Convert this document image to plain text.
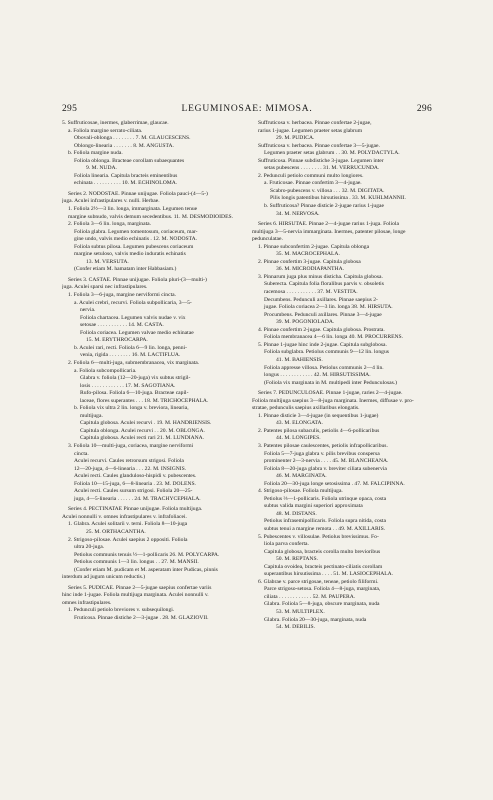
295	LEGUMINOSAE: MIMOSA.	296
5. Suffruticosae, inermes, glaberrimae, glaucae.
a. Foliola margine serrato-ciliata.
Obovali-oblonga . . . . . . . . 7. M. GLAUCESCENS.
Oblongo-linearia . . . . . . . 8. M. ANGUSTA.
b. Foliola margine nuda.
Foliola oblonga. Bracteae corollam subaequantes
9. M. NUDA.
Foliola linearia. Capitula bracteis eminentibus
echinata . . . . . . . . . . 10. M. ECHINOLOMA.
Series 2. NODOSTAE. Pinnae unijugae. Foliola pauci-(4—5-)
juga. Aculei infrastipulares v. nulli. Herbae.
1. Foliola 2½—3 lin. longa, immarginata. Legumen tenue
margine subnudo, valvis demum secedentibus. 11. M. DESMODIOIDES.
2. Foliola 3—6 lin. longa, marginata.
Foliola glabra. Legumen tomentosum, coriaceum, mar-
gine undo, valvis medio echinatis . 12. M. NODOSTA.
Foliola subtus pilosa. Legumen pubescens coriaceum
margine setuloso, valvis medio induratis echinatis
13. M. VERSUTA.
(Confer etiam M. hamatam inter Habbasiam.)
Series 3. CASTAE. Pinnae unijugae. Foliola pluri-(3—multi-)
juga. Aculei sparsi nec infrastipulares.
1. Foliola 3—6-juga, margine nerviformi cincta.
a. Aculei crebri, recurvi. Foliola subpollicaria, 3—5-
nervia.
Foliola chartacea. Legumen valvis nudae v. vix
setosae . . . . . . . . . . . 14. M. CASTA.
Foliola coriacea. Legumen valvae medio echinatae
15. M. ERYTHROCARPA.
b. Aculei rari, recti. Foliola 6—9 lin. longa, penni-
venia, rigida . . . . . . . . 16. M. LACTIFLUA.
2. Foliola 6—multi-juga, submembranacea, vix marginata.
a. Foliola subcompollicaria.
Glabra v. foliola (12—20-juga) vix subtus strigil-
losis . . . . . . . . . . . . 17. M. SAGOTIANA.
Rufo-pilosa. Foliola 6—10-juga. Bracteae capil-
laceae, flores superantes . . . 18. M. TRICHOCEPHALA.
b. Foliola vix ultra 2 lin. longa v. breviora, linearia,
multijuga.
Capitula globosa. Aculei recurvi . 19. M. HANDRIENSIS.
Capitula oblonga. Aculei recurvi . . 20. M. OBLONGA.
Capitula globosa. Aculei recti rari 21. M. LUNDIANA.
3. Foliola 10—multi-juga, coriacea, margine nerviformi
cincta.
Aculei recurvi. Caules retrorsum strigosi. Foliola
12—20-juga, 4—6-linearia . . . 22. M. INSIGNIS.
Aculei recti. Caules glanduloso-hispidi v. pubescentes.
Foliola 10—15-juga, 6—8-linearia . 23. M. DOLENS.
Aculei recti. Caules sursum strigosi. Foliola 20—25-
juga, 4—5-linearia . . . . . . 24. M. TRACHYCEPHALA.
Series 4. PECTINATAE Pinnae unijugae. Foliola multijuga.
Aculei nonnulli v. omnes infrastipulares v. infrafoliacei.
1. Glabra. Aculei solitarii v. terni. Foliola 8—10-juga
25. M. ORTHACANTHA.
2. Strigoso-pilosae. Aculei saepius 2 oppositi. Foliola
ultra 20-juga.
Petiolus communis tenuis ½—1-pollicaris 26. M. POLYCARPA.
Petiolus communis 1—3 lin. longus . . 27. M. MANSII.
(Confer etiam M. pudicam et M. asperatam inter Pudicas, pinnis
interdum ad jugum unicum reductis.)
Series 5. PUDICAE. Pinnae 2—5-jugae saepius confertae variis
hinc inde 1-jugae. Foliola multijuga marginata. Aculei nonnulli v.
omnes infrastipulares.
1. Pedunculi petiolo breviores v. subsequilongi.
Fruticosa. Pinnae distiche 2—3-jugae . 28. M. GLAZIOVII.
Suffruticosa v. herbacea. Pinnae confertae 2-jugae,
rarius 1-jugae. Legumen praeter setas glabrum
29. M. PUDICA.
Suffruticosa v. herbacea. Pinnae confertae 3—5-jugae.
Legumen praeter setas glabrum . . 30. M. POLYDACTYLA.
Suffruticosa. Pinnae subdistiche 3-jugae. Legumen inter
setas pubescens . . . . . . . . 31. M. VERRUCUNDA.
2. Pedunculi petiolo communi multo longiores.
a. Fruticosae. Pinnae confertim 3—4-jugae.
Scabro-pubescens v. villosa . . . 32. M. DIGITATA.
Pilis longis patentibus hirsutissima . 33. M. KUHLMANNII.
b. Suffruticosa? Pinnae disticie 2-jugae rarius 1-jugae
34. M. NERVOSA.
Series 6. HIRSUTAE. Pinnae 2—4-jugae rarius 1-juga. Foliola
multijuga 3—5-nervia immarginata. Inermes, patenter pilosae, longe
pedunculatae.
1. Pinnae subconfertim 2-jugae. Capitula oblonga
35. M. MACROCEPHALA.
2. Pinnae confertim 3-jugae. Capitula globosa
36. M. MICRODIAPANTHA.
3. Pinnarum juga plus minus disticha. Capitula globosa.
Suberecta. Capitula folia floralibus parvis v. obsoletis
racemosa . . . . . . . . . . . 37. M. VESTITA.
Decumbens. Pedunculi axillares. Pinnae saepius 2-
jugae. Foliola coriacea 2—3 lin. longa 38. M. HIRSUTA.
Procumbens. Pedunculi axillares. Pinnae 3—4-jugae
39. M. POGONIOLADA.
4. Pinnae confertim 2-jugae. Capitula globosa. Prostrata.
Foliola membranacea 4—6 lin. longa 40. M. PROCURRENS.
5. Pinnae 1-jugae hinc inde 2-jugae. Capitula subglobosa.
Foliola subglabra. Petiolus communis 9—12 lin. longus
41. M. BAHIENSIS.
Foliola appresse villosa. Petiolus communis 2—4 lin.
longus . . . . . . . . . . . . 42. M. HIRSUTISSIMA.
(Foliola vix marginata in M. multipedi inter Pedunculosas.)
Series 7. PEDUNCULOSAE. Pinnae 1-jugae, raries 2—4-jugae.
Foliola multijuga saepius 3—8-juga marginata. Inermes, diffusae v. pro-
stratae, pedunculis saepius axillaribus elongatis.
1. Pinnae disticie 3—4-jugae (in sequentibus 1-jugae)
43. M. ELONGATA.
2. Patentes pilosa subaculis, petiolis 4—6-pollicaribus
44. M. LONGIPES.
3. Patentes pilosae caulescentes, petiolis infrapollicaribus.
Foliola 5—7-juga glabra v. pilis brevibus conspersa
prominenter 2—3-nervia . . . . 45. M. BLANCHEANA.
Foliola 8—20-juga glabra v. breviter ciliata subenervia
46. M. MARGINATA.
Foliola 20—30-juga longe setosissima . 47. M. FALCIPINNA.
4. Strigoso-pilosae. Foliola multijuga.
Petiolus ⅔—1-pollicaris. Foliola utrinque opaca, costa
subtus valida margini superiori approximata
48. M. DISTANS.
Petiolus infrasemipollicaris. Foliola supra nitida, costa
subtus tenui a margine remota . . 49. M. AXILLARIS.
5. Pubescentes v. villosulae. Petiolus brevissimus. Fo-
liola parva conferta.
Capitula globosa, bracteis corolla multo brevioribus
50. M. REPTANS.
Capitula ovoidea, bracteis pectinato-ciliatis corollam
superantibus hirsutissima . . . . 51. M. LASIOCEPHALA.
6. Glabrae v. parce strigosae, teneae, petiolo filiformi.
Parce strigoso-setosa. Foliola 4—8-juga, marginata,
ciliata . . . . . . . . . . . . 52. M. PAUPERA.
Glabra. Foliola 5—8-juga, obscure marginata, nuda
53. M. MULTIPLEX.
Glabra. Foliola 20—30-juga, marginata, nuda
54. M. DEBILIS.
